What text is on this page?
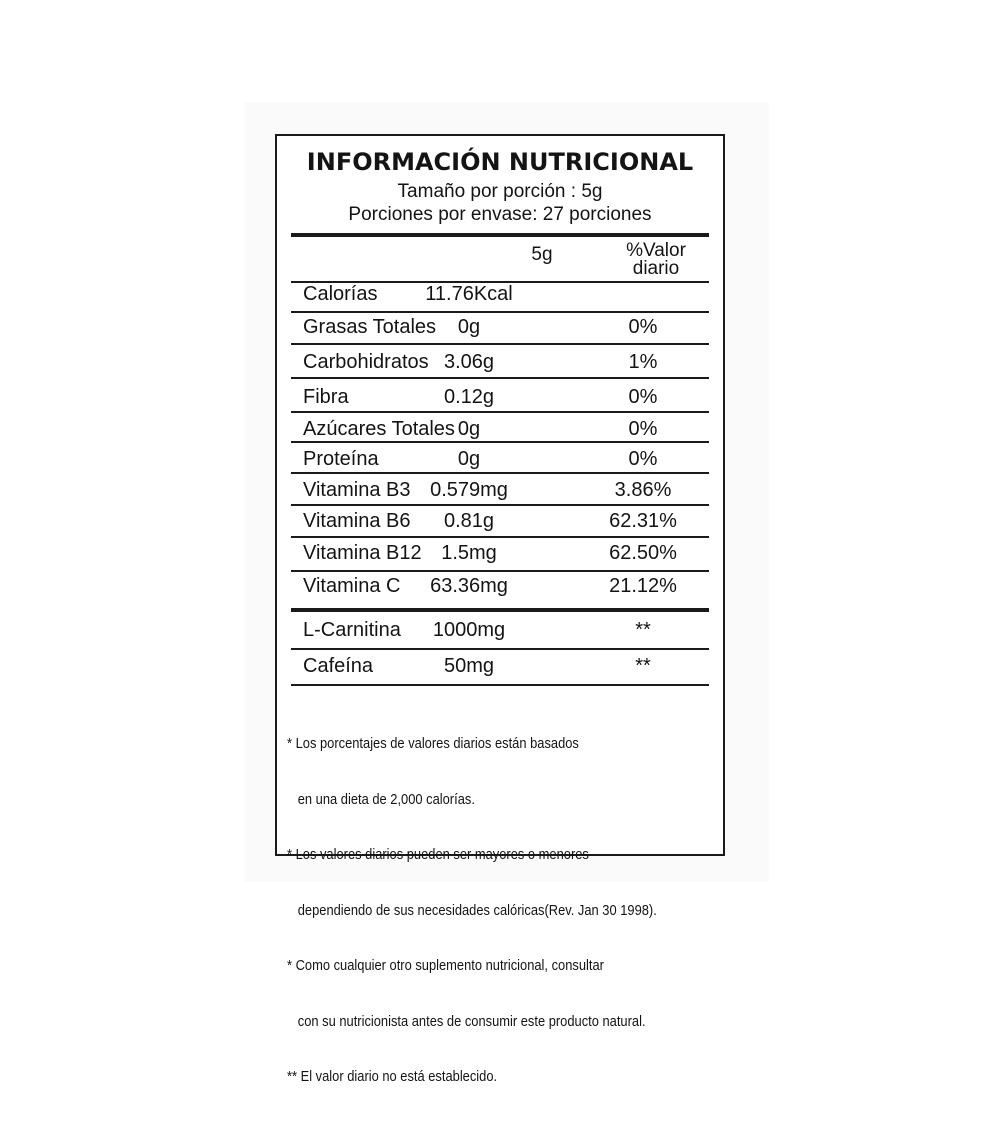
INFORMACIÓN NUTRICIONAL
Tamaño por porción : 5g
Porciones por envase: 27 porciones
5g	%Valor
diario
Calorías	11.76Kcal
Grasas Totales	0g	0%
Carbohidratos 3.06g	1%
Fibra	0.12g	0%
Azúcares Totales 0g	0%
Proteína	0g	0%
Vitamina B3 0.579mg	3.86%
Vitamina B6	0.81g	62.31%
Vitamina B12 1.5mg	62.50%
Vitamina C	63.36mg	21.12%
L-Carnitina	1000mg	**
Cafeína	50mg	**

* Los porcentajes de valores diarios están basados

en una dieta de 2,000 calorías.

* Los valores diarios pueden ser mayores o menores

dependiendo de sus necesidades calóricas(Rev. Jan 30 1998).

* Como cualquier otro suplemento nutricional, consultar

con su nutricionista antes de consumir este producto natural.

** El valor diario no está establecido.
